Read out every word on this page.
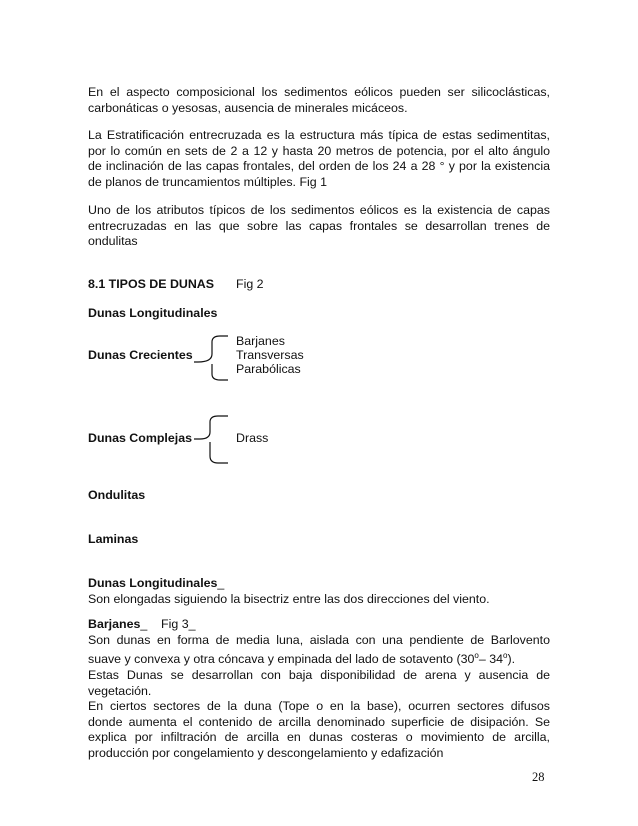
En el aspecto composicional los sedimentos eólicos pueden ser silicoclásticas,
carbonáticas o yesosas, ausencia de minerales micáceos.
La Estratificación entrecruzada es la estructura más típica de estas sedimentitas,
por lo común en sets de 2 a 12 y hasta 20 metros de potencia, por el alto ángulo
de inclinación de las capas frontales, del orden de los 24 a 28 ° y por la existencia
de planos de truncamientos múltiples. Fig 1
Uno de los atributos típicos de los sedimentos eólicos es la existencia de capas
entrecruzadas en las que sobre las capas frontales se desarrollan trenes de
ondulitas
8.1 TIPOS DE DUNAS Fig 2
Dunas Longitudinales
Dunas Crecientes
Barjanes
Transversas
Parabólicas
Dunas Complejas	Drass
Ondulitas
Laminas
Dunas Longitudinales_
Son elongadas siguiendo la bisectriz entre las dos direcciones del viento.
Barjanes_ Fig 3_
Son dunas en forma de media luna, aislada con una pendiente de Barlovento
suave y convexa y otra cóncava y empinada del lado de sotavento (30$^o$– 34$^o$).
Estas Dunas se desarrollan con baja disponibilidad de arena y ausencia de
vegetación.
En ciertos sectores de la duna (Tope o en la base), ocurren sectores difusos
donde aumenta el contenido de arcilla denominado superficie de disipación. Se
explica por infiltración de arcilla en dunas costeras o movimiento de arcilla,
producción por congelamiento y descongelamiento y edafización
28
